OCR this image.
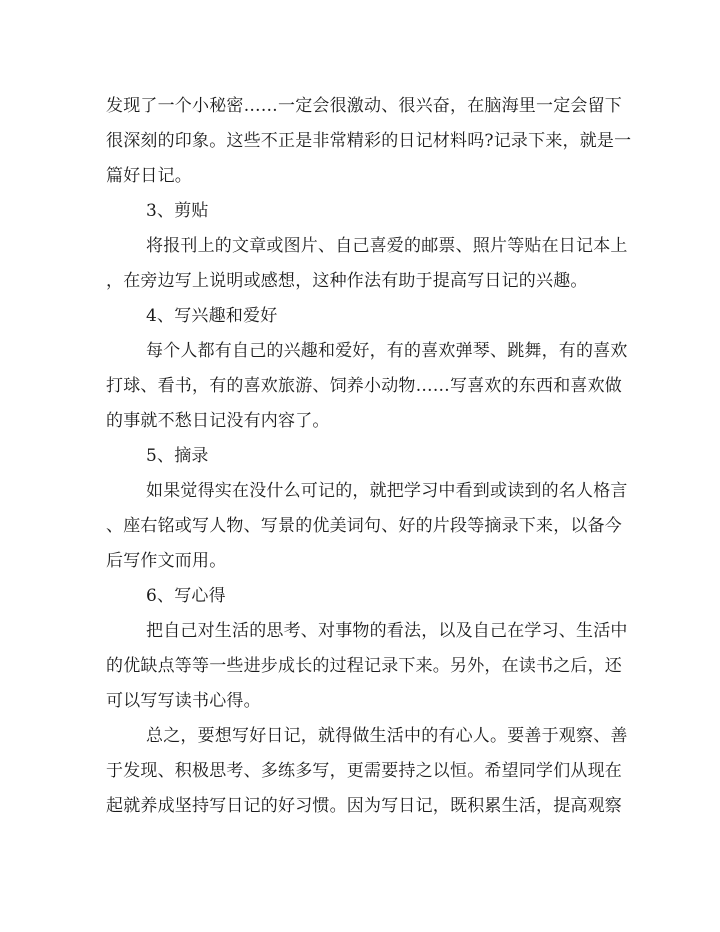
发现了一个小秘密……一定会很激动、很兴奋，在脑海里一定会留下
很深刻的印象。这些不正是非常精彩的日记材料吗?记录下来，就是一
篇好日记。
3、剪贴
将报刊上的文章或图片、自己喜爱的邮票、照片等贴在日记本上
，在旁边写上说明或感想，这种作法有助于提高写日记的兴趣。
4、写兴趣和爱好
每个人都有自己的兴趣和爱好，有的喜欢弹琴、跳舞，有的喜欢
打球、看书，有的喜欢旅游、饲养小动物……写喜欢的东西和喜欢做
的事就不愁日记没有内容了。
5、摘录
如果觉得实在没什么可记的，就把学习中看到或读到的名人格言
、座右铭或写人物、写景的优美词句、好的片段等摘录下来，以备今
后写作文而用。
6、写心得
把自己对生活的思考、对事物的看法，以及自己在学习、生活中
的优缺点等等一些进步成长的过程记录下来。另外，在读书之后，还
可以写写读书心得。
总之，要想写好日记，就得做生活中的有心人。要善于观察、善
于发现、积极思考、多练多写，更需要持之以恒。希望同学们从现在
起就养成坚持写日记的好习惯。因为写日记，既积累生活，提高观察
